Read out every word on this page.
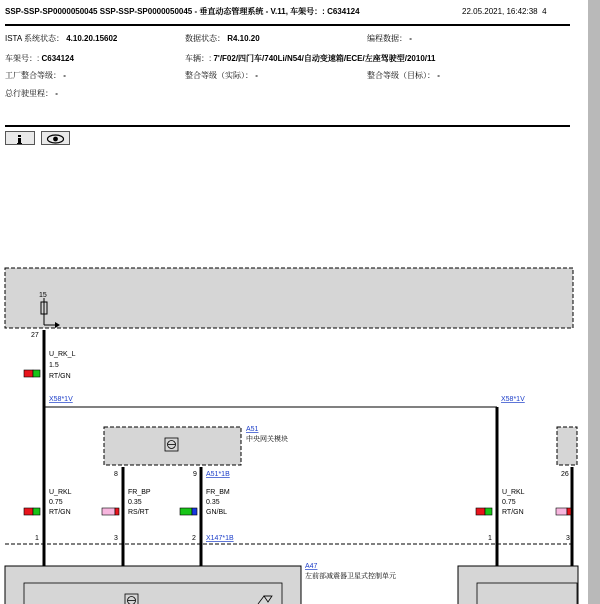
SSP-SSP-SP0000050045 SSP-SSP-SP0000050045 - 垂直动态管理系统 - V.11, 车架号：: C634124	22.05.2021, 16:42:38 4
ISTA 系统状态： 4.10.20.15602	数据状态： R4.10.20	编程数据： -
车架号：: C634124	车辆：: 7'/F02/四门车/740Li/N54/自动变速箱/ECE/左座驾驶型/2010/11
工厂整合等级： -	整合等级（实际）： -	整合等级（目标）： -
总行驶里程： -
15
27
U_RK_L
1.5
RT/GN
X58*1V	X58*1V
A51
中央网关模块
8	9 A51*1B	26
U_RKL
0.75
RT/GN
FR_BP
0.35
RS/RT
FR_BM
0.35
GN/BL
U_RKL
0.75
RT/GN
1	3	2 X147*1B	1	3
A47
左前部减震器卫星式控制单元
